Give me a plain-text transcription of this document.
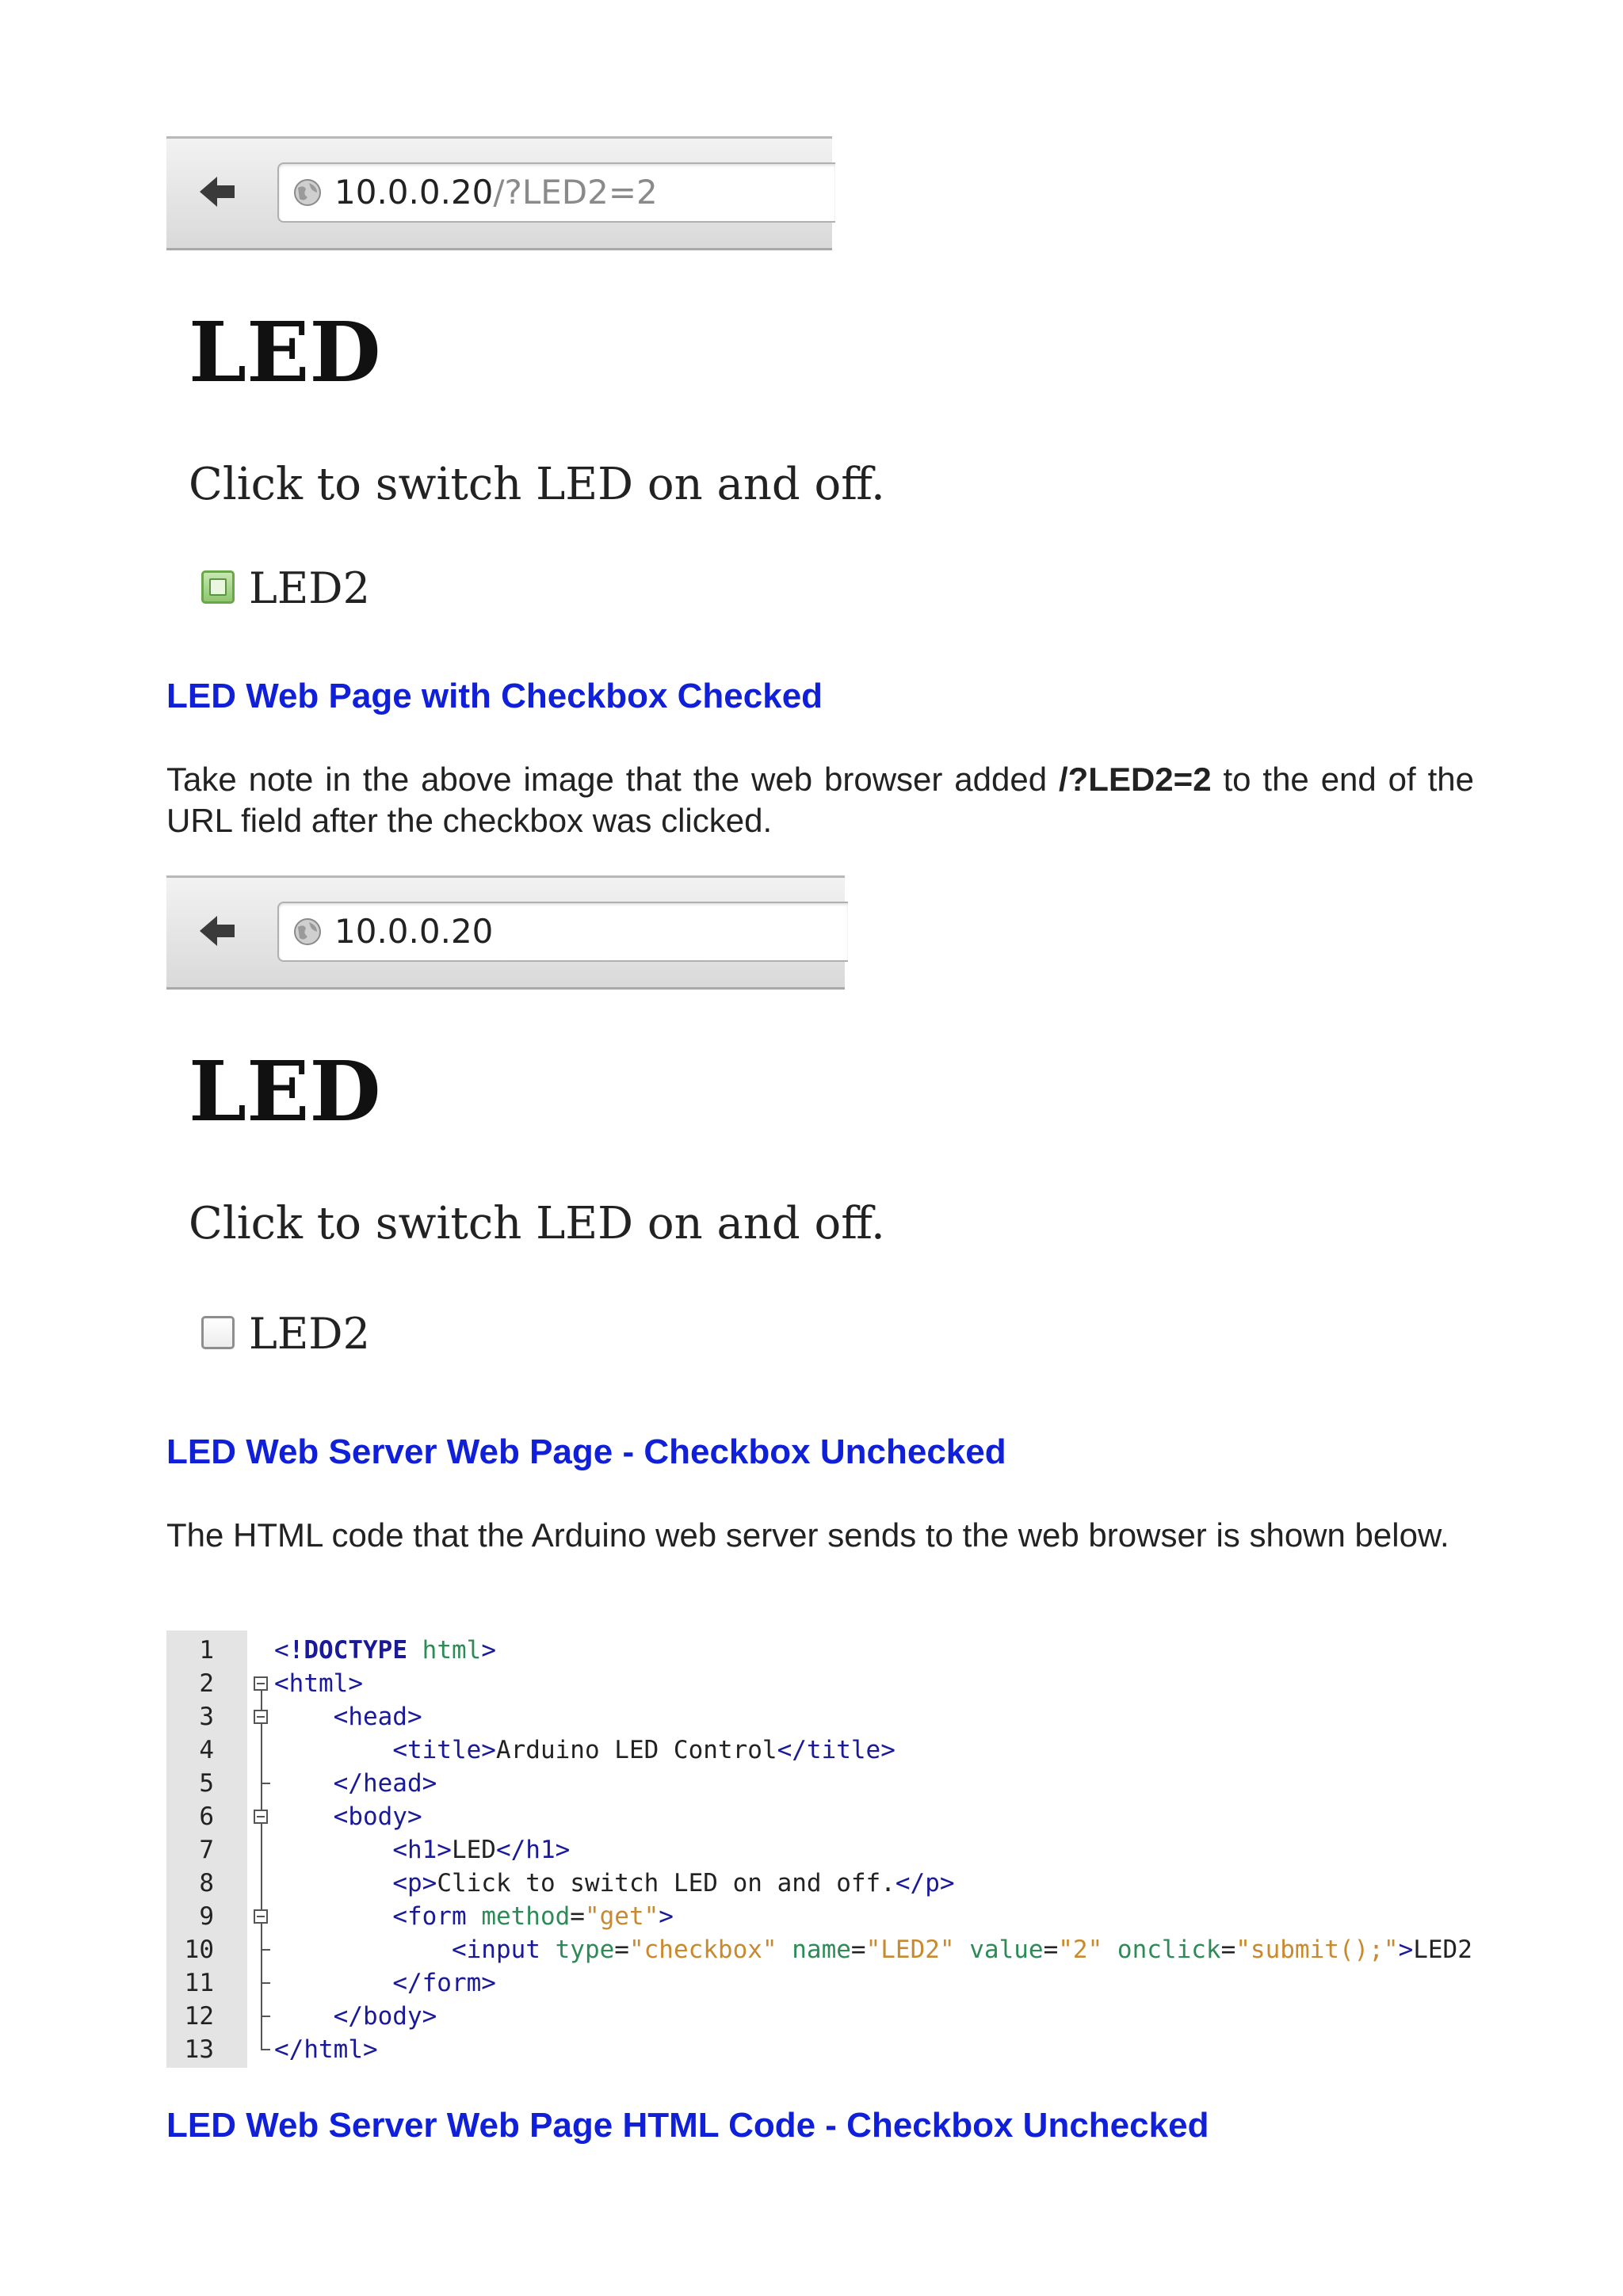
10.0.0.20/?LED2=2
LED
Click to switch LED on and off.
LED2
LED Web Page with Checkbox Checked
Take note in the above image that the web browser added /?LED2=2 to the end of the URL field after the checkbox was clicked.
10.0.0.20
LED
Click to switch LED on and off.
LED2
LED Web Server Web Page - Checkbox Unchecked
The HTML code that the Arduino web server sends to the web browser is shown below.
1 <!DOCTYPE html>
2 <html>
3	<head>
4	<title>Arduino LED Control</title>
5	</head>
6	<body>
7	<h1>LED</h1>
8	<p>Click to switch LED on and off.</p>
9	<form method="get">
10	<input type="checkbox" name="LED2" value="2" onclick="submit();">LED2
11	</form>
12	</body>
13 </html>
LED Web Server Web Page HTML Code - Checkbox Unchecked
